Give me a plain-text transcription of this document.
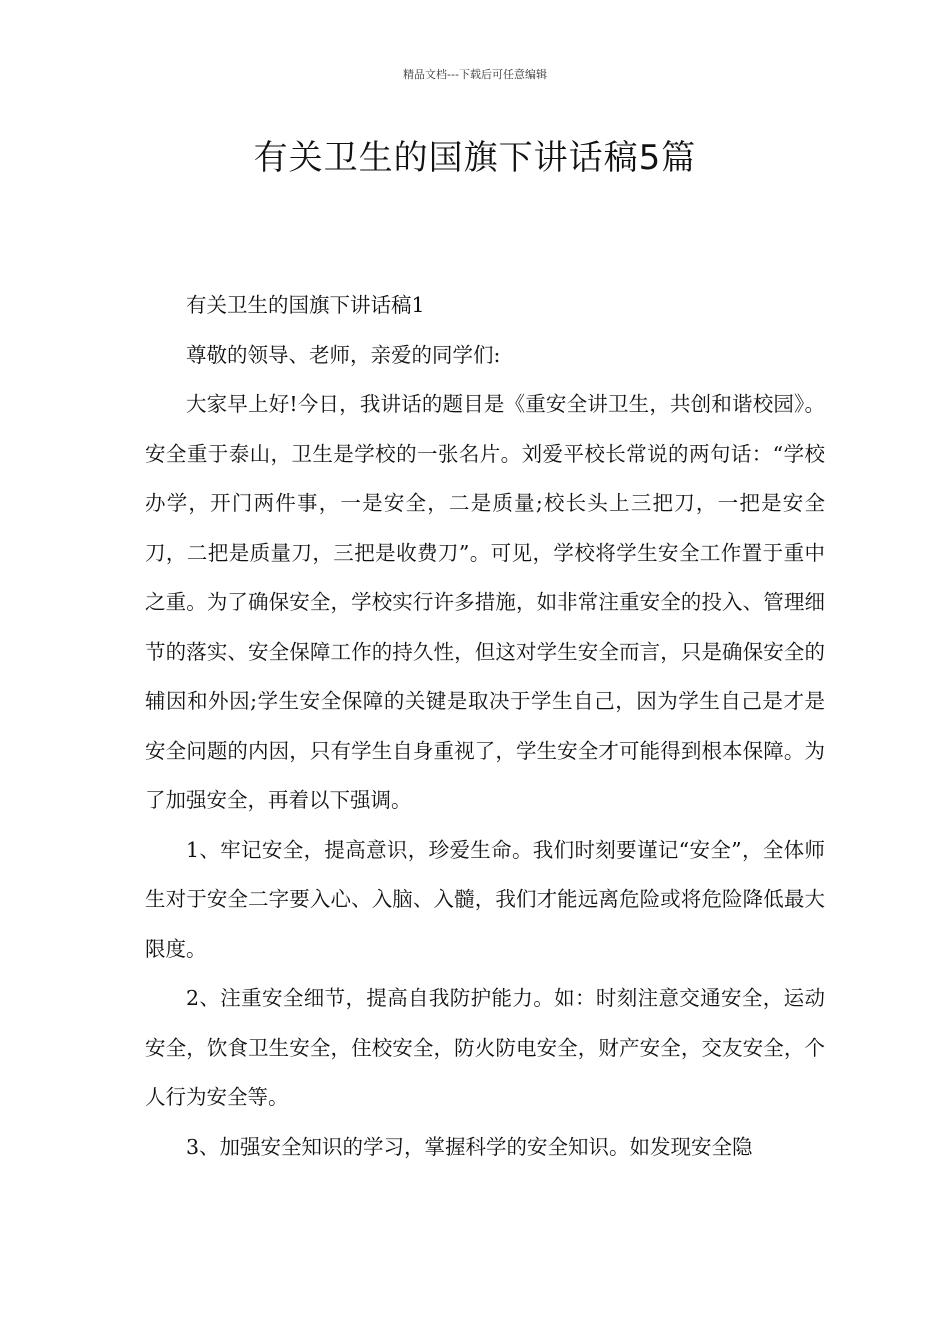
精品文档---下载后可任意编辑
有关卫生的国旗下讲话稿5篇

有关卫生的国旗下讲话稿1

尊敬的领导、老师，亲爱的同学们:

大家早上好!今日，我讲话的题目是《重安全讲卫生，共创和谐校园》。安全重于泰山，卫生是学校的一张名片。刘爱平校长常说的两句话：“学校办学，开门两件事，一是安全，二是质量;校长头上三把刀，一把是安全刀，二把是质量刀，三把是收费刀”。可见，学校将学生安全工作置于重中之重。为了确保安全，学校实行许多措施，如非常注重安全的投入、管理细节的落实、安全保障工作的持久性，但这对学生安全而言，只是确保安全的辅因和外因;学生安全保障的关键是取决于学生自己，因为学生自己是才是安全问题的内因，只有学生自身重视了，学生安全才可能得到根本保障。为了加强安全，再着以下强调。

1、牢记安全，提高意识，珍爱生命。我们时刻要谨记“安全”，全体师生对于安全二字要入心、入脑、入髓，我们才能远离危险或将危险降低最大限度。

2、注重安全细节，提高自我防护能力。如：时刻注意交通安全，运动安全，饮食卫生安全，住校安全，防火防电安全，财产安全，交友安全，个人行为安全等。

3、加强安全知识的学习，掌握科学的安全知识。如发现安全隐
